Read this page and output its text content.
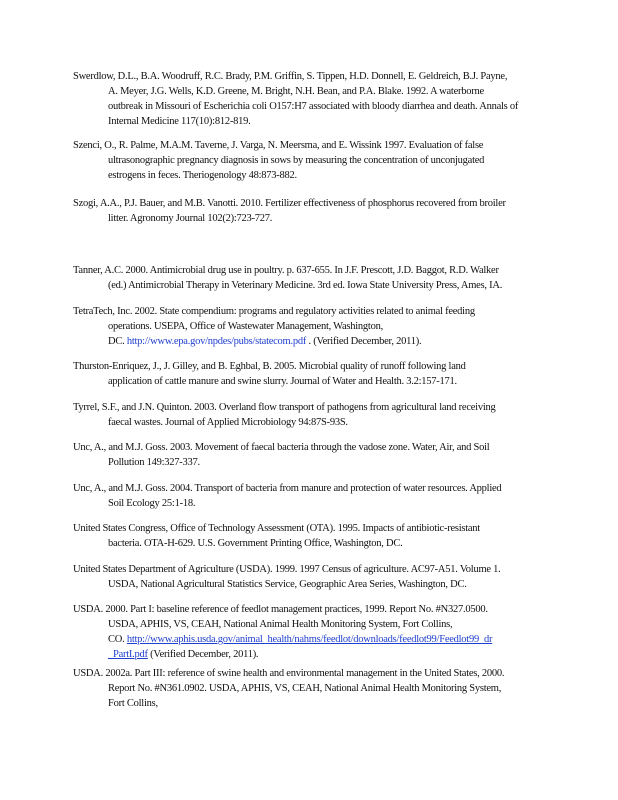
Swerdlow, D.L., B.A. Woodruff, R.C. Brady, P.M. Griffin, S. Tippen, H.D. Donnell, E. Geldreich, B.J. Payne,
A. Meyer, J.G. Wells, K.D. Greene, M. Bright, N.H. Bean, and P.A. Blake. 1992. A waterborne
outbreak in Missouri of Escherichia coli O157:H7 associated with bloody diarrhea and death. Annals of
Internal Medicine 117(10):812-819.
Szenci, O., R. Palme, M.A.M. Taverne, J. Varga, N. Meersma, and E. Wissink 1997. Evaluation of false
ultrasonographic pregnancy diagnosis in sows by measuring the concentration of unconjugated
estrogens in feces. Theriogenology 48:873-882.
Szogi, A.A., P.J. Bauer, and M.B. Vanotti. 2010. Fertilizer effectiveness of phosphorus recovered from broiler
litter. Agronomy Journal 102(2):723-727.
Tanner, A.C. 2000. Antimicrobial drug use in poultry. p. 637-655. In J.F. Prescott, J.D. Baggot, R.D. Walker
(ed.) Antimicrobial Therapy in Veterinary Medicine. 3rd ed. Iowa State University Press, Ames, IA.
TetraTech, Inc. 2002. State compendium: programs and regulatory activities related to animal feeding
operations. USEPA, Office of Wastewater Management, Washington,
DC. http://www.epa.gov/npdes/pubs/statecom.pdf . (Verified December, 2011).
Thurston-Enriquez, J., J. Gilley, and B. Eghbal, B. 2005. Microbial quality of runoff following land
application of cattle manure and swine slurry. Journal of Water and Health. 3.2:157-171.
Tyrrel, S.F., and J.N. Quinton. 2003. Overland flow transport of pathogens from agricultural land receiving
faecal wastes. Journal of Applied Microbiology 94:87S-93S.
Unc, A., and M.J. Goss. 2003. Movement of faecal bacteria through the vadose zone. Water, Air, and Soil
Pollution 149:327-337.
Unc, A., and M.J. Goss. 2004. Transport of bacteria from manure and protection of water resources. Applied
Soil Ecology 25:1-18.
United States Congress, Office of Technology Assessment (OTA). 1995. Impacts of antibiotic-resistant
bacteria. OTA-H-629. U.S. Government Printing Office, Washington, DC.
United States Department of Agriculture (USDA). 1999. 1997 Census of agriculture. AC97-A51. Volume 1.
USDA, National Agricultural Statistics Service, Geographic Area Series, Washington, DC.
USDA. 2000. Part I: baseline reference of feedlot management practices, 1999. Report No. #N327.0500.
USDA, APHIS, VS, CEAH, National Animal Health Monitoring System, Fort Collins,
CO. http://www.aphis.usda.gov/animal_health/nahms/feedlot/downloads/feedlot99/Feedlot99_dr
_PartI.pdf (Verified December, 2011).
USDA. 2002a. Part III: reference of swine health and environmental management in the United States, 2000.
Report No. #N361.0902. USDA, APHIS, VS, CEAH, National Animal Health Monitoring System,
Fort Collins,
